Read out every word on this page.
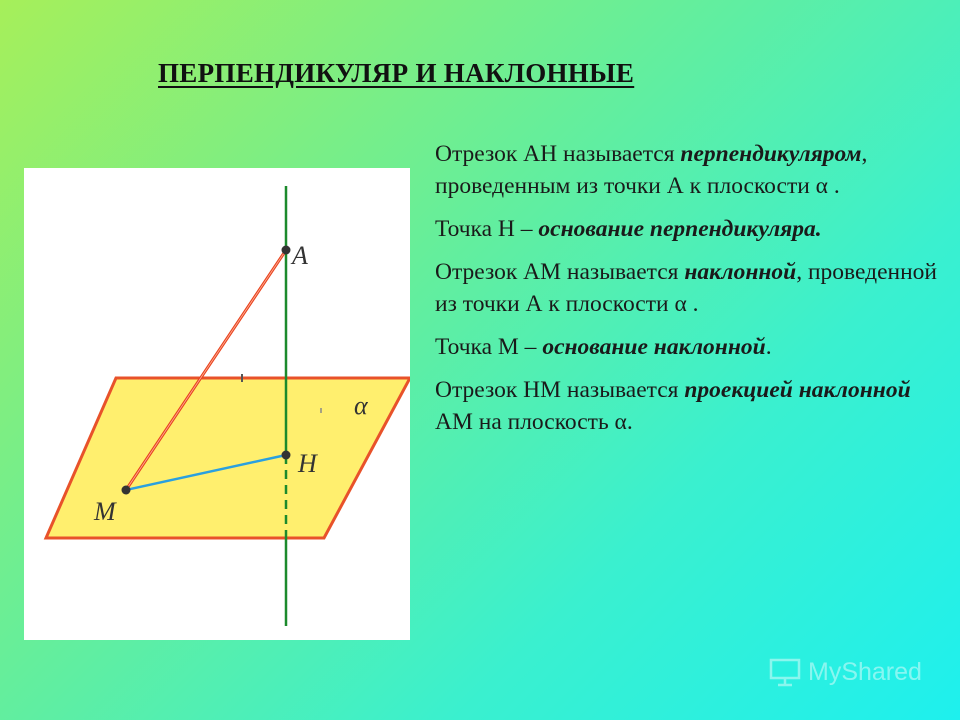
ПЕРПЕНДИКУЛЯР И НАКЛОННЫЕ
A
H
M
α

Отрезок АН называется перпендикуляром, проведенным из точки А к плоскости α .

Точка Н – основание перпендикуляра.

Отрезок АМ называется наклонной, проведенной из точки А к плоскости α .

Точка М – основание наклонной.

Отрезок НМ называется проекцией наклонной АМ на плоскость α.

MyShared
